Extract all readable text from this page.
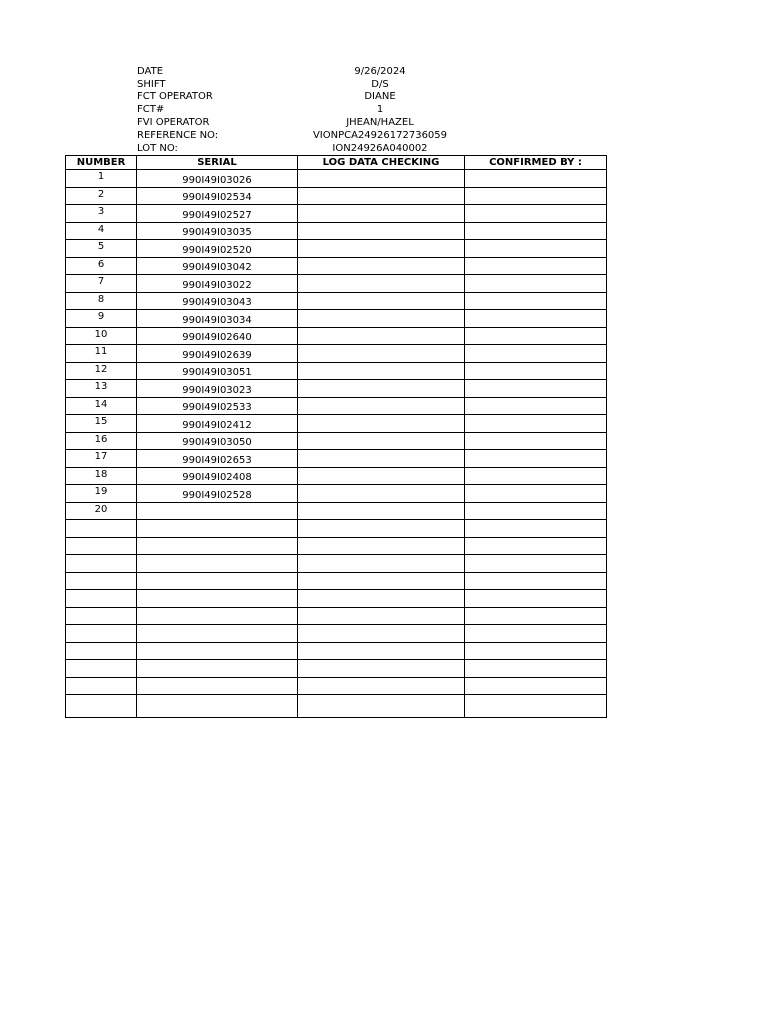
DATE	9/26/2024
SHIFT	D/S
FCT OPERATOR	DIANE
FCT#	1
FVI OPERATOR	JHEAN/HAZEL
REFERENCE NO:	VIONPCA24926172736059
LOT NO:	ION24926A040002
NUMBER	SERIAL	LOG DATA CHECKING	CONFIRMED BY :
1	990I49I03026		
2	990I49I02534		
3	990I49I02527		
4	990I49I03035		
5	990I49I02520		
6	990I49I03042		
7	990I49I03022		
8	990I49I03043		
9	990I49I03034		
10	990I49I02640		
11	990I49I02639		
12	990I49I03051		
13	990I49I03023		
14	990I49I02533		
15	990I49I02412		
16	990I49I03050		
17	990I49I02653		
18	990I49I02408		
19	990I49I02528		
20			
